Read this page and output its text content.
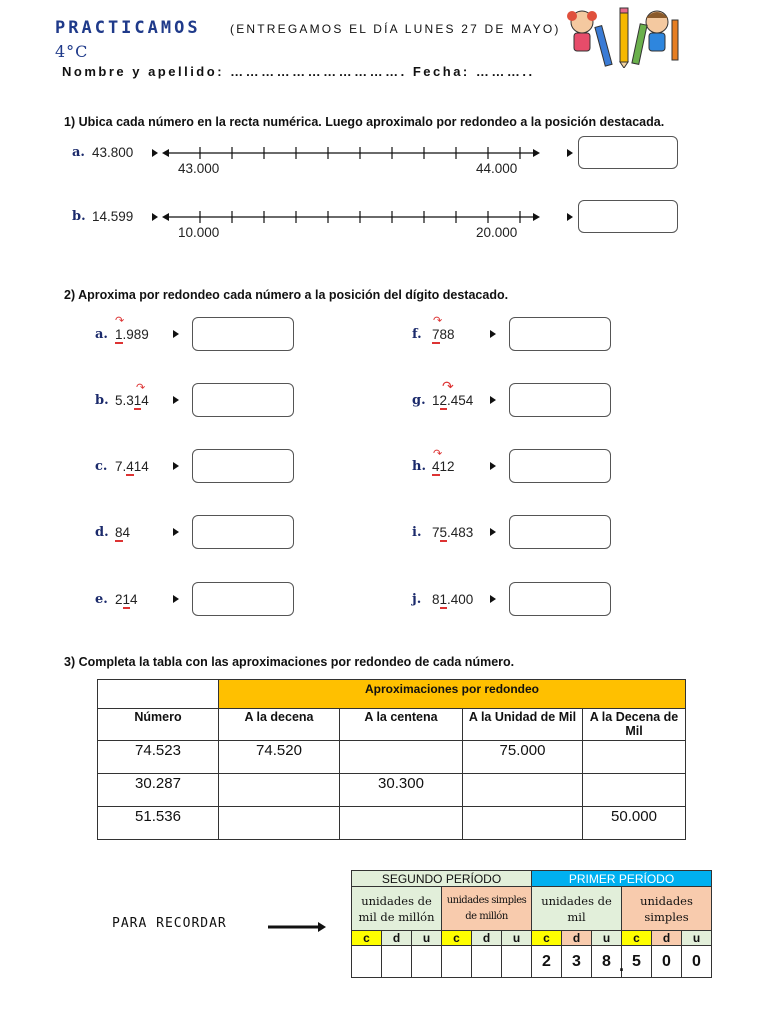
PRACTICAMOS (ENTREGAMOS EL DÍA LUNES 27 DE MAYO)
4°C
Nombre y apellido: ……………………………. Fecha: ………..
1) Ubica cada número en la recta numérica. Luego aproximalo por redondeo a la posición destacada.
a. 43.800
43.000	44.000
b. 14.599
10.000	20.000
2) Aproxima por redondeo cada número a la posición del dígito destacado.
a. 1.989
↷
b. 5.314
↷
c. 7.414
d. 84
e. 214
f. 788
↷
g. 12.454
↷
h. 412
↷
i. 75.483
j. 81.400
3) Completa la tabla con las aproximaciones por redondeo de cada número.
	Aproximaciones por redondeo			
Número	A la decena	A la centena	A la Unidad de Mil	A la Decena de Mil
74.523	74.520		75.000	
30.287		30.300		
51.536				50.000
PARA RECORDAR
SEGUNDO PERÍODO						PRIMER PERÍODO					
unidades de mil de millón			unidades simples de millón			unidades de mil			unidades simples		
c	d	u	c	d	u	c	d	u	c	d	u
						2	3	8	5	0	0
.
